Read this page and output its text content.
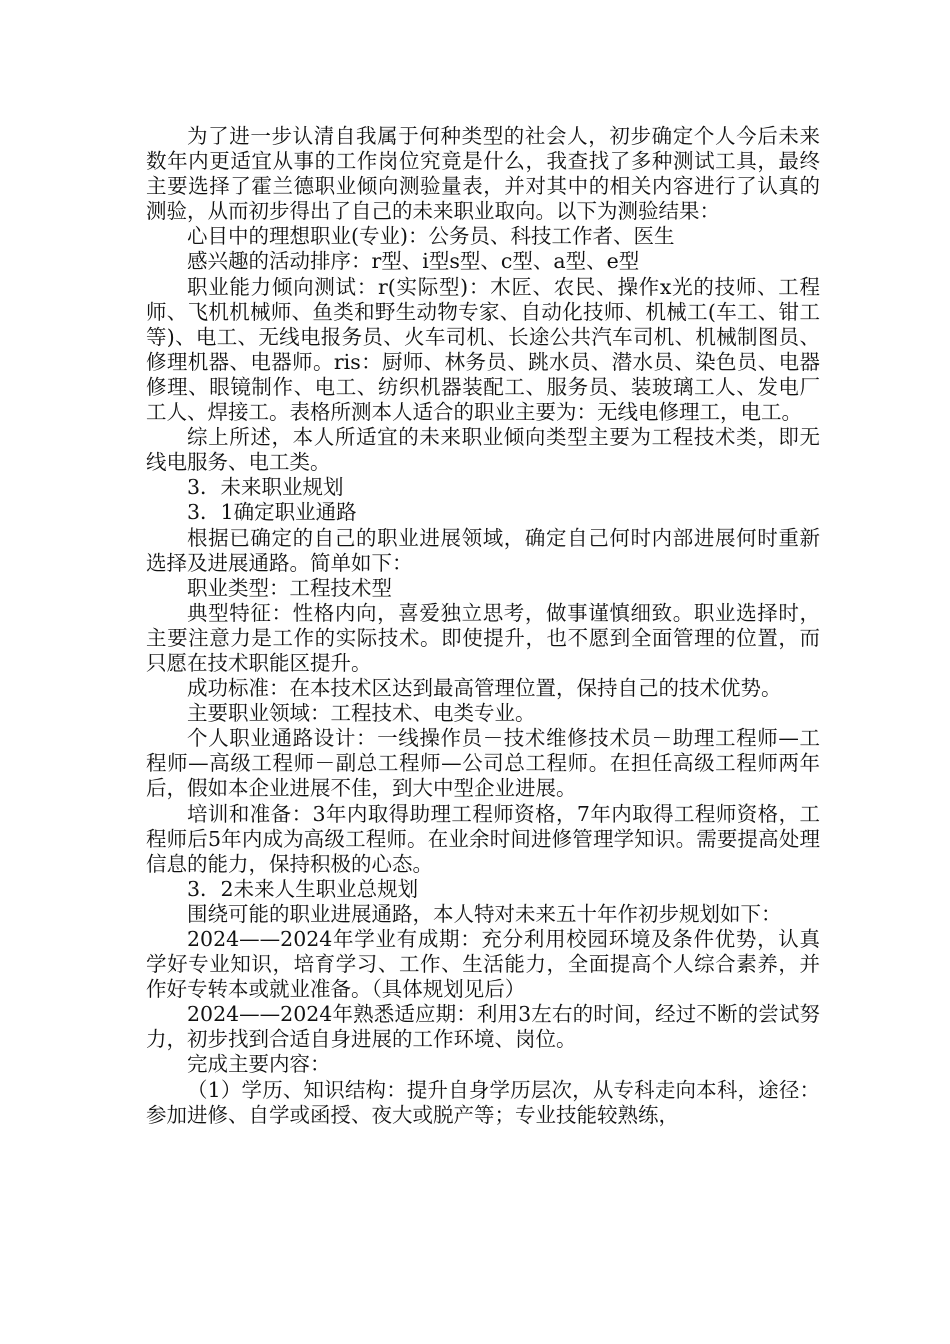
为了进一步认清自我属于何种类型的社会人，初步确定个人今后未来数年内更适宜从事的工作岗位究竟是什么，我查找了多种测试工具，最终主要选择了霍兰德职业倾向测验量表，并对其中的相关内容进行了认真的测验，从而初步得出了自己的未来职业取向。以下为测验结果：

心目中的理想职业(专业)：公务员、科技工作者、医生

感兴趣的活动排序：r型、i型s型、c型、a型、e型

职业能力倾向测试：r(实际型)：木匠、农民、操作x光的技师、工程师、飞机机械师、鱼类和野生动物专家、自动化技师、机械工(车工、钳工等)、电工、无线电报务员、火车司机、长途公共汽车司机、机械制图员、修理机器、电器师。ris：厨师、林务员、跳水员、潜水员、染色员、电器修理、眼镜制作、电工、纺织机器装配工、服务员、装玻璃工人、发电厂工人、焊接工。表格所测本人适合的职业主要为：无线电修理工，电工。

综上所述，本人所适宜的未来职业倾向类型主要为工程技术类，即无线电服务、电工类。

3．未来职业规划

3．1确定职业通路

根据已确定的自己的职业进展领域，确定自己何时内部进展何时重新选择及进展通路。简单如下：

职业类型：工程技术型

典型特征：性格内向，喜爱独立思考，做事谨慎细致。职业选择时，主要注意力是工作的实际技术。即使提升，也不愿到全面管理的位置，而只愿在技术职能区提升。

成功标准：在本技术区达到最高管理位置，保持自己的技术优势。

主要职业领域：工程技术、电类专业。

个人职业通路设计：一线操作员－技术维修技术员－助理工程师—工程师—高级工程师－副总工程师—公司总工程师。在担任高级工程师两年后，假如本企业进展不佳，到大中型企业进展。

培训和准备：3年内取得助理工程师资格，7年内取得工程师资格，工程师后5年内成为高级工程师。在业余时间进修管理学知识。需要提高处理信息的能力，保持积极的心态。

3．2未来人生职业总规划

围绕可能的职业进展通路，本人特对未来五十年作初步规划如下：

2024——2024年学业有成期：充分利用校园环境及条件优势，认真学好专业知识，培育学习、工作、生活能力，全面提高个人综合素养，并作好专转本或就业准备。（具体规划见后）

2024——2024年熟悉适应期：利用3左右的时间，经过不断的尝试努力，初步找到合适自身进展的工作环境、岗位。

完成主要内容：

（1）学历、知识结构：提升自身学历层次，从专科走向本科，途径：参加进修、自学或函授、夜大或脱产等；专业技能较熟练，
